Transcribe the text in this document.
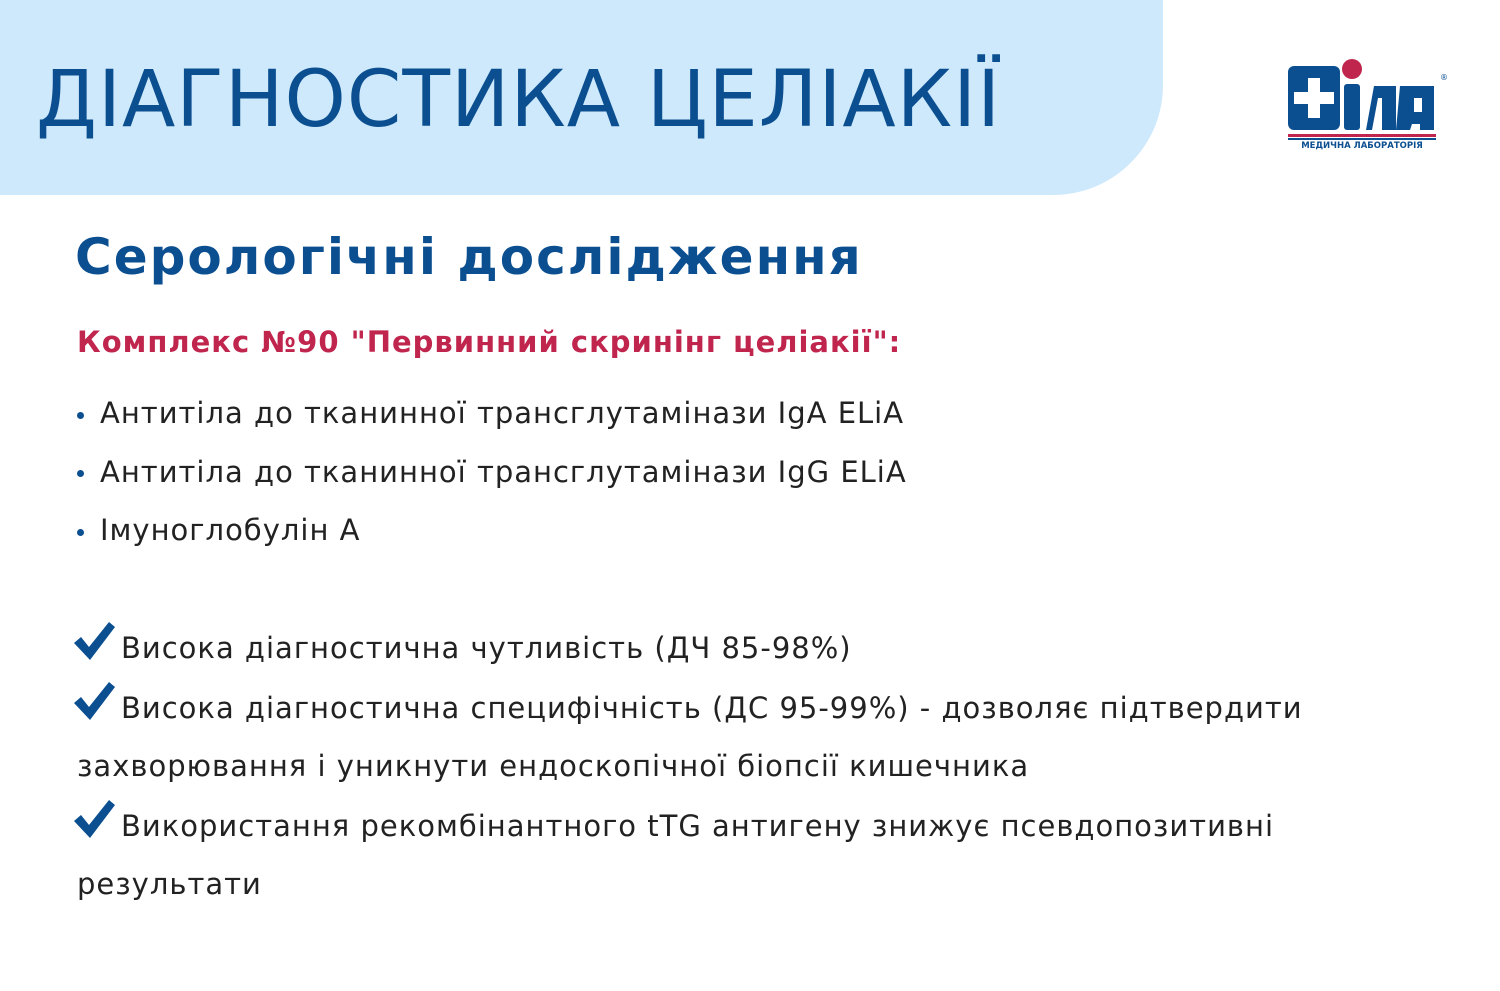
ДІАГНОСТИКА ЦЕЛІАКІЇ	®
МЕДИЧНА ЛАБОРАТОРІЯ
Серологічні дослідження

Комплекс №90 "Первинний скринінг целіакії":

Антитіла до тканинної трансглутамінази IgA ELiA
Антитіла до тканинної трансглутамінази IgG ELiA
Імуноглобулін А
Висока діагностична чутливість (ДЧ 85-98%)
Висока діагностична специфічність (ДС 95-99%) - дозволяє підтвердити захворювання і уникнути ендоскопічної біопсії кишечника
Використання рекомбінантного tTG антигену знижує псевдопозитивні результати
